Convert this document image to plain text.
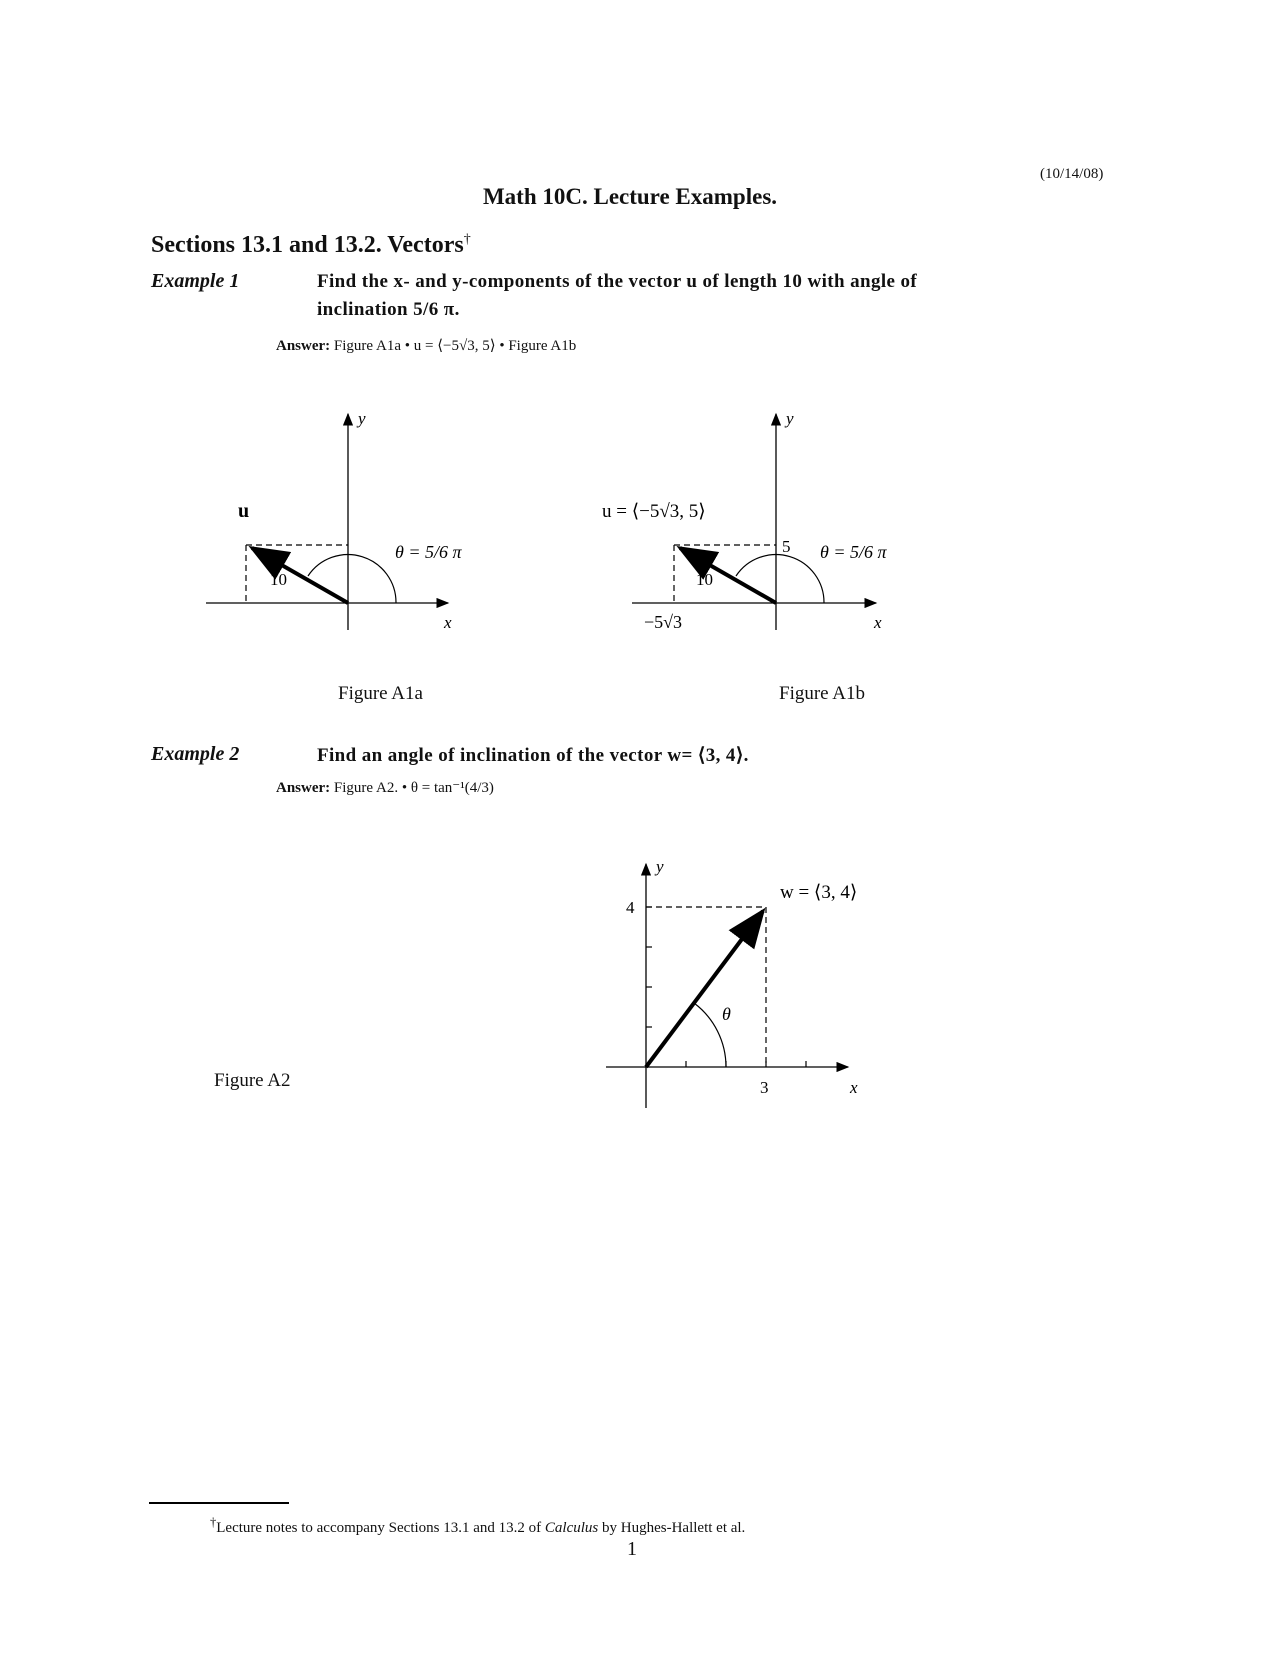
(10/14/08)
Math 10C. Lecture Examples.
Sections 13.1 and 13.2. Vectors†
Example 1	Find the x- and y-components of the vector u of length 10 with angle of
inclination 5/6 π.
Answer: Figure A1a • u = ⟨−5√3, 5⟩ • Figure A1b
u
10
θ = 5/6 π
x
y
Figure A1a
u = ⟨−5√3, 5⟩
10
5 θ = 5/6 π
−5√3	x
y
Figure A1b
Example 2	Find an angle of inclination of the vector w= ⟨3, 4⟩.
Answer: Figure A2. • θ = tan⁻¹(4/3)
Figure A2
w = ⟨3, 4⟩
4
3
θ
x
y
†Lecture notes to accompany Sections 13.1 and 13.2 of Calculus by Hughes-Hallett et al.
1
